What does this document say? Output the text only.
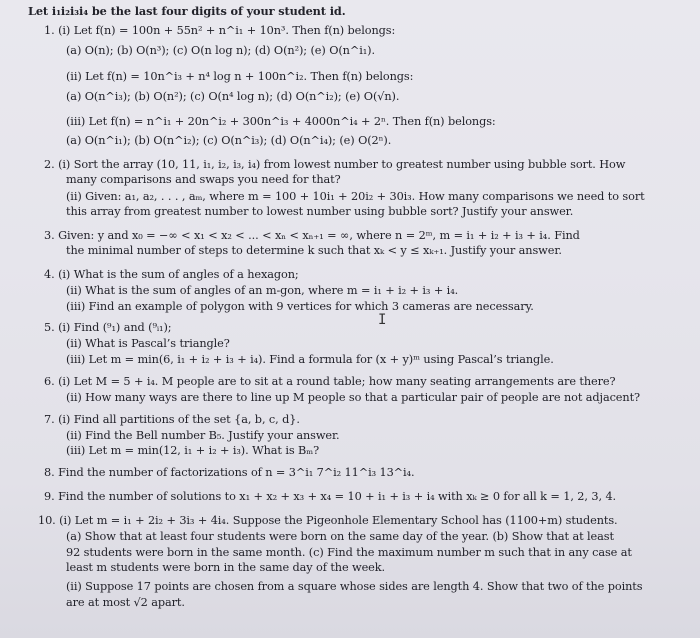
Let i₁i₂i₃i₄ be the last four digits of your student id.
1. (i) Let f(n) = 100n + 55n² + n^i₁ + 10n³. Then f(n) belongs:
(a) O(n); (b) O(n³); (c) O(n log n); (d) O(n²); (e) O(n^i₁).
(ii) Let f(n) = 10n^i₃ + n⁴ log n + 100n^i₂. Then f(n) belongs:
(a) O(n^i₃); (b) O(n²); (c) O(n⁴ log n); (d) O(n^i₂); (e) O(√n).
(iii) Let f(n) = n^i₁ + 20n^i₂ + 300n^i₃ + 4000n^i₄ + 2ⁿ. Then f(n) belongs:
(a) O(n^i₁); (b) O(n^i₂); (c) O(n^i₃); (d) O(n^i₄); (e) O(2ⁿ).
2. (i) Sort the array (10, 11, i₁, i₂, i₃, i₄) from lowest number to greatest number using bubble sort. How
many comparisons and swaps you need for that?
(ii) Given: a₁, a₂, . . . , aₘ, where m = 100 + 10i₁ + 20i₂ + 30i₃. How many comparisons we need to sort
this array from greatest number to lowest number using bubble sort? Justify your answer.
3. Given: y and x₀ = −∞ < x₁ < x₂ < ... < xₙ < xₙ₊₁ = ∞, where n = 2ᵐ, m = i₁ + i₂ + i₃ + i₄. Find
the minimal number of steps to determine k such that xₖ < y ≤ xₖ₊₁. Justify your answer.
4. (i) What is the sum of angles of a hexagon;
(ii) What is the sum of angles of an m-gon, where m = i₁ + i₂ + i₃ + i₄.
(iii) Find an example of polygon with 9 vertices for which 3 cameras are necessary.
5. (i) Find (⁹₁) and (⁹ᵢ₁);
(ii) What is Pascal’s triangle?
(iii) Let m = min(6, i₁ + i₂ + i₃ + i₄). Find a formula for (x + y)ᵐ using Pascal’s triangle.
6. (i) Let M = 5 + i₄. M people are to sit at a round table; how many seating arrangements are there?
(ii) How many ways are there to line up M people so that a particular pair of people are not adjacent?
7. (i) Find all partitions of the set {a, b, c, d}.
(ii) Find the Bell number B₅. Justify your answer.
(iii) Let m = min(12, i₁ + i₂ + i₃). What is Bₘ?
8. Find the number of factorizations of n = 3^i₁ 7^i₂ 11^i₃ 13^i₄.
9. Find the number of solutions to x₁ + x₂ + x₃ + x₄ = 10 + i₁ + i₃ + i₄ with xₖ ≥ 0 for all k = 1, 2, 3, 4.
10. (i) Let m = i₁ + 2i₂ + 3i₃ + 4i₄. Suppose the Pigeonhole Elementary School has (1100+m) students.
(a) Show that at least four students were born on the same day of the year. (b) Show that at least
92 students were born in the same month. (c) Find the maximum number m such that in any case at
least m students were born in the same day of the week.
(ii) Suppose 17 points are chosen from a square whose sides are length 4. Show that two of the points
are at most √2 apart.
I
